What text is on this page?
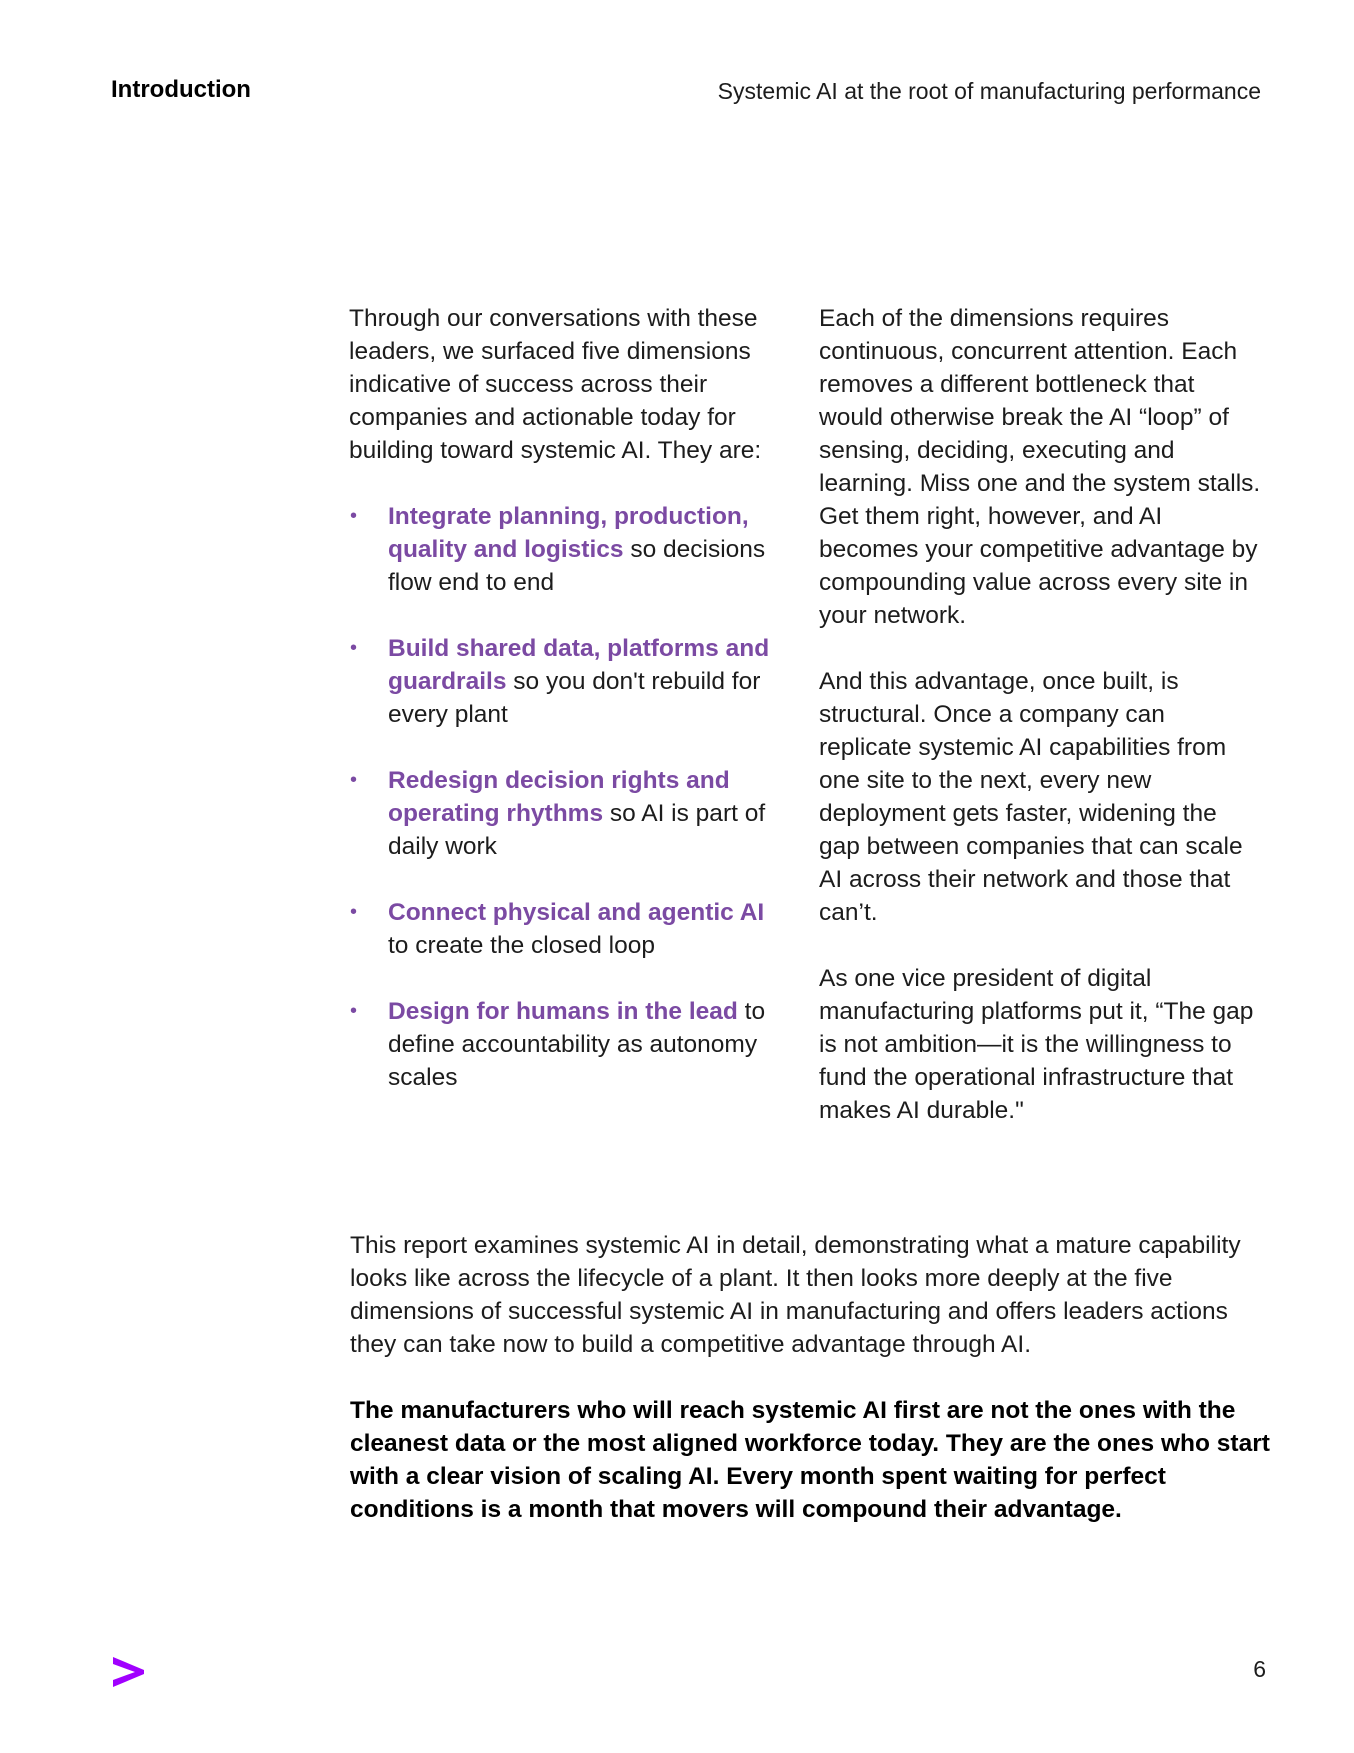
Introduction	Systemic AI at the root of manufacturing performance

Through our conversations with these leaders, we surfaced five dimensions indicative of success across their companies and actionable today for building toward systemic AI. They are:

• Integrate planning, production, quality and logistics so decisions flow end to end
• Build shared data, platforms and guardrails so you don't rebuild for every plant
• Redesign decision rights and operating rhythms so AI is part of daily work
• Connect physical and agentic AI to create the closed loop
• Design for humans in the lead to define accountability as autonomy scales

Each of the dimensions requires continuous, concurrent attention. Each removes a different bottleneck that would otherwise break the AI “loop” of sensing, deciding, executing and learning. Miss one and the system stalls. Get them right, however, and AI becomes your competitive advantage by compounding value across every site in your network.

And this advantage, once built, is structural. Once a company can replicate systemic AI capabilities from one site to the next, every new deployment gets faster, widening the gap between companies that can scale AI across their network and those that can’t.

As one vice president of digital manufacturing platforms put it, “The gap is not ambition—it is the willingness to fund the operational infrastructure that makes AI durable."

This report examines systemic AI in detail, demonstrating what a mature capability looks like across the lifecycle of a plant. It then looks more deeply at the five dimensions of successful systemic AI in manufacturing and offers leaders actions they can take now to build a competitive advantage through AI.

The manufacturers who will reach systemic AI first are not the ones with the cleanest data or the most aligned workforce today. They are the ones who start with a clear vision of scaling AI. Every month spent waiting for perfect conditions is a month that movers will compound their advantage.

6
